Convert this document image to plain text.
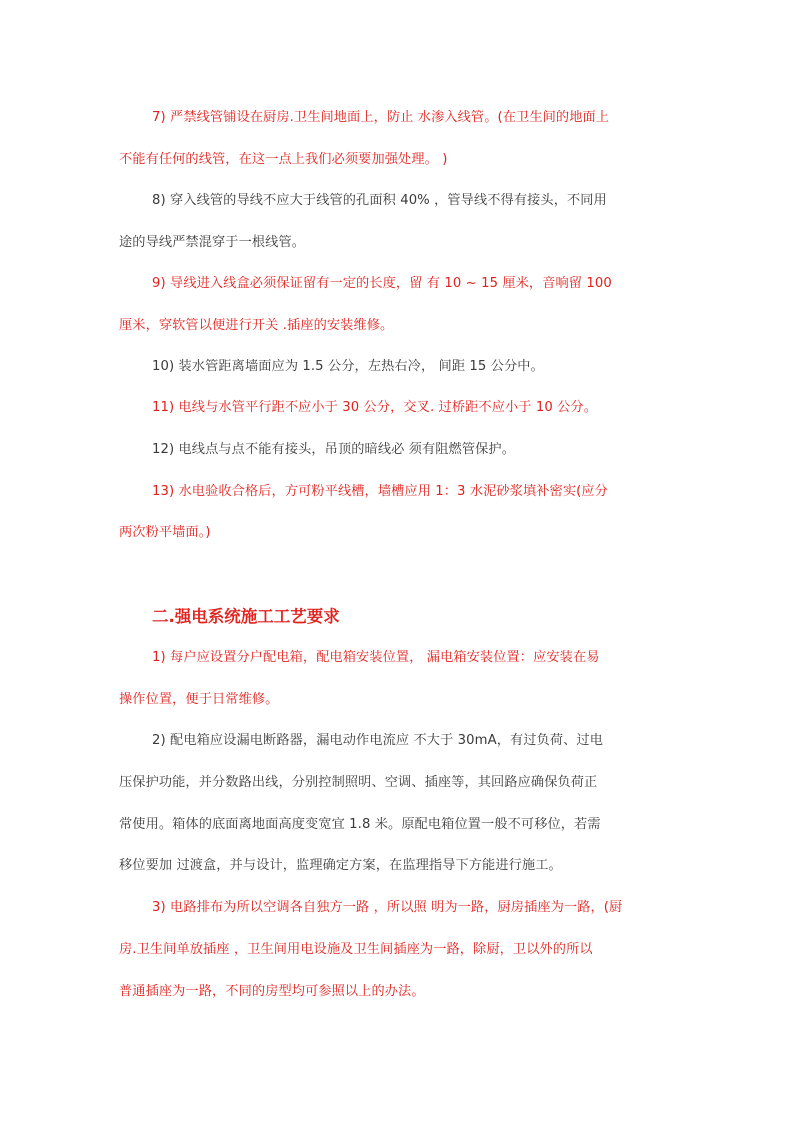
7) 严禁线管铺设在厨房.卫生间地面上，防止 水渗入线管。(在卫生间的地面上
不能有任何的线管，在这一点上我们必须要加强处理。 )
8) 穿入线管的导线不应大于线管的孔面积 40% ，管导线不得有接头，不同用
途的导线严禁混穿于一根线管。
9) 导线进入线盒必须保证留有一定的长度，留 有 10 ~ 15 厘米，音响留 100
厘米，穿软管以便进行开关 .插座的安装维修。
10) 装水管距离墙面应为 1.5 公分，左热右冷， 间距 15 公分中。
11) 电线与水管平行距不应小于 30 公分，交叉. 过桥距不应小于 10 公分。
12) 电线点与点不能有接头，吊顶的暗线必 须有阻燃管保护。
13) 水电验收合格后，方可粉平线槽，墙槽应用 1：3 水泥砂浆填补密实(应分
两次粉平墙面。)
二.强电系统施工工艺要求
1) 每户应设置分户配电箱，配电箱安装位置， 漏电箱安装位置：应安装在易
操作位置，便于日常维修。
2) 配电箱应设漏电断路器，漏电动作电流应 不大于 30mA，有过负荷、过电
压保护功能，并分数路出线，分别控制照明、空调、插座等，其回路应确保负荷正
常使用。箱体的底面离地面高度变宽宜 1.8 米。原配电箱位置一般不可移位，若需
移位要加 过渡盒，并与设计，监理确定方案，在监理指导下方能进行施工。
3) 电路排布为所以空调各自独方一路 ，所以照 明为一路，厨房插座为一路，(厨
房.卫生间单放插座 ，卫生间用电设施及卫生间插座为一路，除厨，卫以外的所以
普通插座为一路，不同的房型均可参照以上的办法。
